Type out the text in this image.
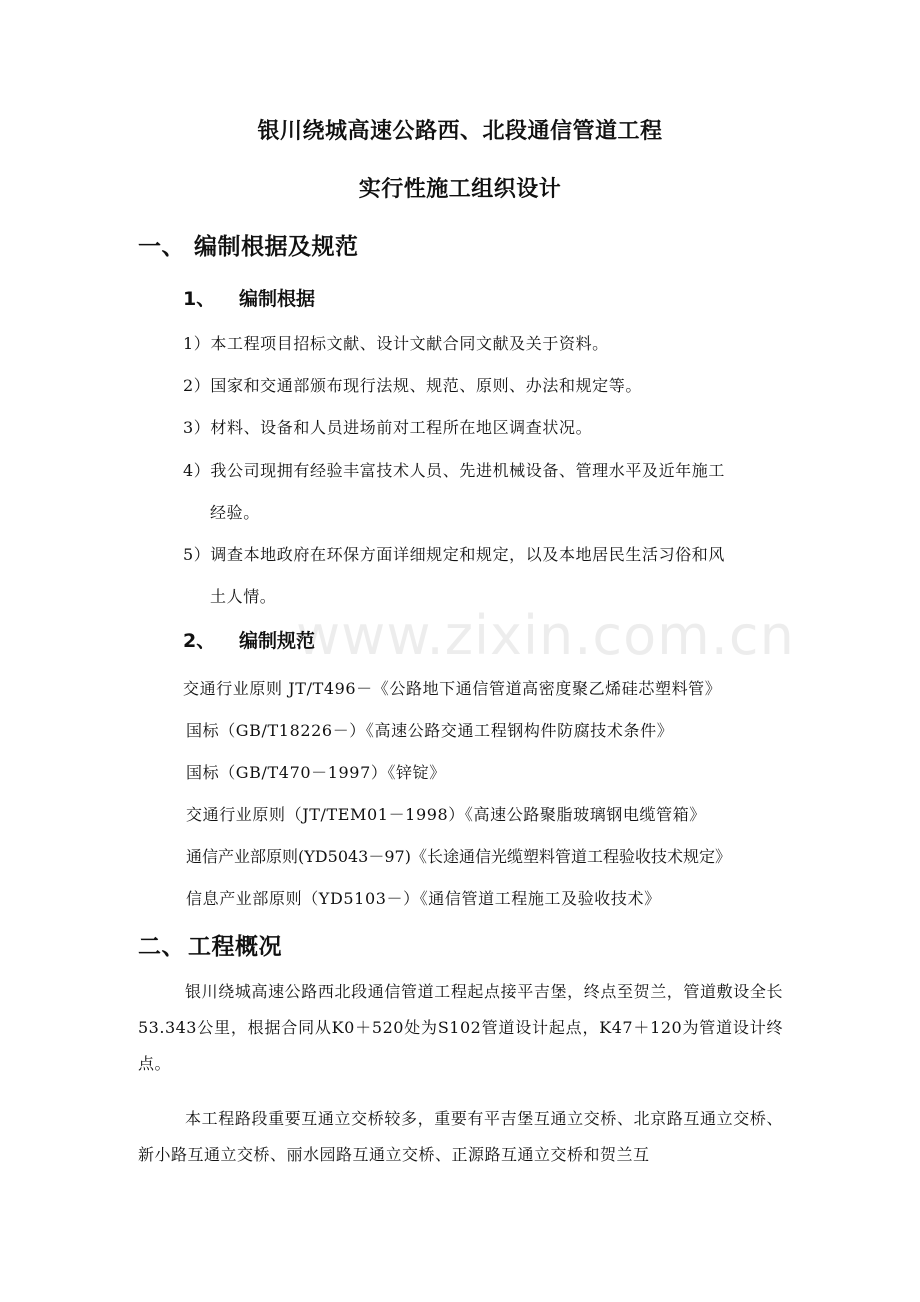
银川绕城高速公路西、北段通信管道工程
实行性施工组织设计
一、 编制根据及规范
1、 编制根据
1）本工程项目招标文献、设计文献合同文献及关于资料。
2）国家和交通部颁布现行法规、规范、原则、办法和规定等。
3）材料、设备和人员进场前对工程所在地区调查状况。
4）我公司现拥有经验丰富技术人员、先进机械设备、管理水平及近年施工
经验。
5）调查本地政府在环保方面详细规定和规定，以及本地居民生活习俗和风
土人情。
www.zixin.com.cn
2、 编制规范
交通行业原则 JT/T496－《公路地下通信管道高密度聚乙烯硅芯塑料管》
国标（GB/T18226－）《高速公路交通工程钢构件防腐技术条件》
国标（GB/T470－1997）《锌锭》
交通行业原则（JT/TEM01－1998）《高速公路聚脂玻璃钢电缆管箱》
通信产业部原则(YD5043－97)《长途通信光缆塑料管道工程验收技术规定》
信息产业部原则（YD5103－）《通信管道工程施工及验收技术》
二、 工程概况

银川绕城高速公路西北段通信管道工程起点接平吉堡，终点至贺兰，管道敷设全长53.343公里，根据合同从K0＋520处为S102管道设计起点，K47＋120为管道设计终点。

本工程路段重要互通立交桥较多，重要有平吉堡互通立交桥、北京路互通立交桥、新小路互通立交桥、丽水园路互通立交桥、正源路互通立交桥和贺兰互
